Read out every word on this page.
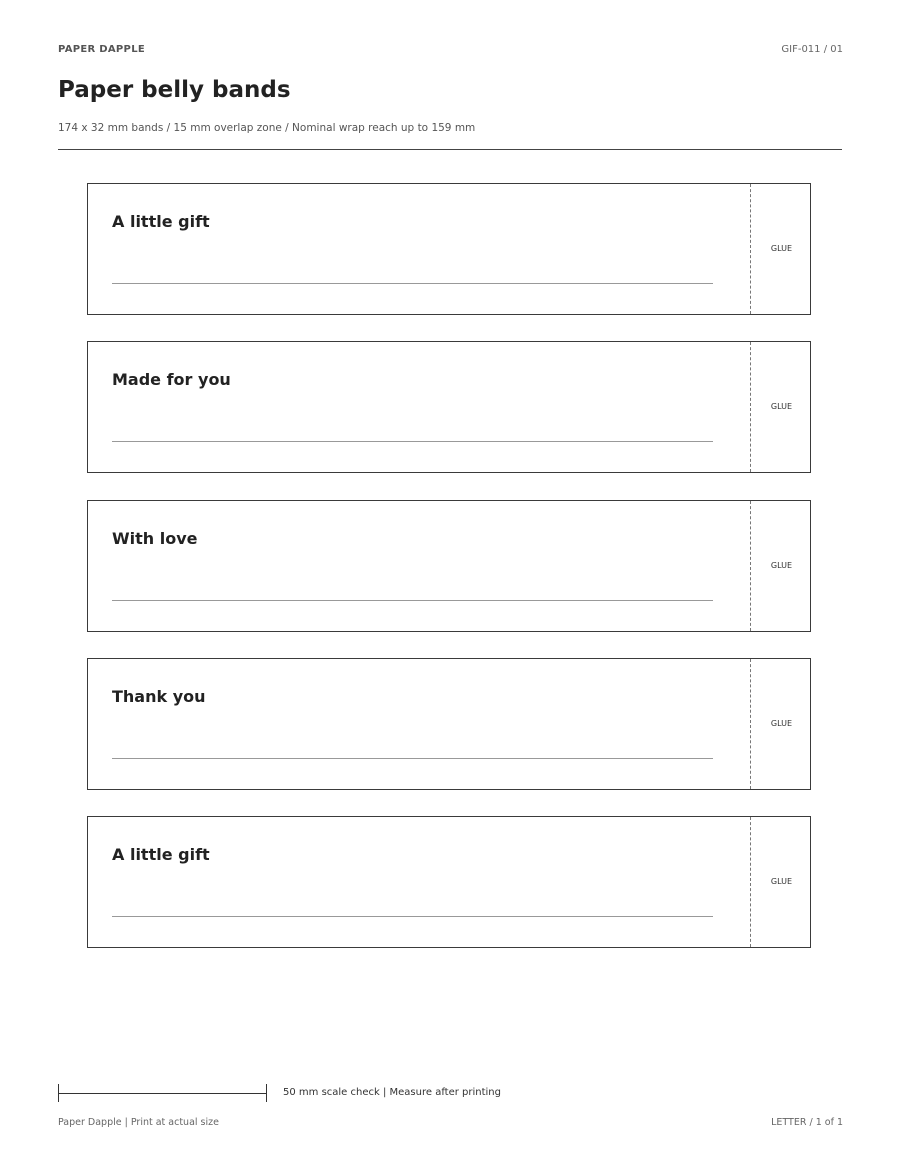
PAPER DAPPLE	GIF-011 / 01
Paper belly bands
174 x 32 mm bands / 15 mm overlap zone / Nominal wrap reach up to 159 mm
A little gift
GLUE
Made for you
GLUE
With love
GLUE
Thank you
GLUE
A little gift
GLUE
50 mm scale check | Measure after printing
Paper Dapple | Print at actual size	LETTER / 1 of 1
